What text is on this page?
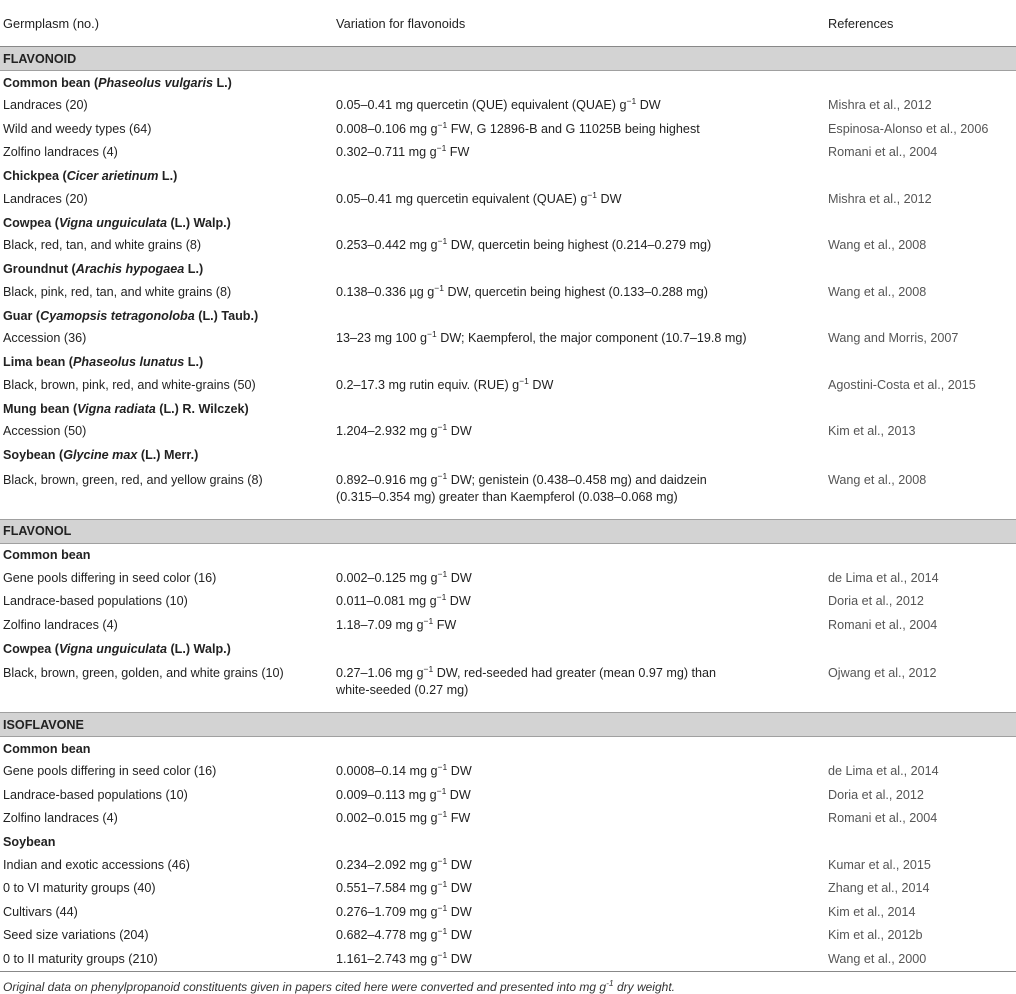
Germplasm (no.)	Variation for flavonoids	References
FLAVONOID		
Common bean (Phaseolus vulgaris L.)		
Landraces (20)	0.05–0.41 mg quercetin (QUE) equivalent (QUAE) $g^{-1}$ DW	Mishra et al., 2012
Wild and weedy types (64)	0.008–0.106 mg $g^{-1}$ FW, G 12896-B and G 11025B being highest	Espinosa-Alonso et al., 2006
Zolfino landraces (4)	0.302–0.711 mg $g^{-1}$ FW	Romani et al., 2004
Chickpea (Cicer arietinum L.)		
Landraces (20)	0.05–0.41 mg quercetin equivalent (QUAE) $g^{-1}$ DW	Mishra et al., 2012
Cowpea (Vigna unguiculata (L.) Walp.)		
Black, red, tan, and white grains (8)	0.253–0.442 mg $g^{-1}$ DW, quercetin being highest (0.214–0.279 mg)	Wang et al., 2008
Groundnut (Arachis hypogaea L.)		
Black, pink, red, tan, and white grains (8)	0.138–0.336 µg $g^{-1}$ DW, quercetin being highest (0.133–0.288 mg)	Wang et al., 2008
Guar (Cyamopsis tetragonoloba (L.) Taub.)		
Accession (36)	13–23 mg 100 $g^{-1}$ DW; Kaempferol, the major component (10.7–19.8 mg)	Wang and Morris, 2007
Lima bean (Phaseolus lunatus L.)		
Black, brown, pink, red, and white-grains (50)	0.2–17.3 mg rutin equiv. (RUE) $g^{-1}$ DW	Agostini-Costa et al., 2015
Mung bean (Vigna radiata (L.) R. Wilczek)		
Accession (50)	1.204–2.932 mg $g^{-1}$ DW	Kim et al., 2013
Soybean (Glycine max (L.) Merr.)		
Black, brown, green, red, and yellow grains (8)	0.892–0.916 mg $g^{-1}$ DW; genistein (0.438–0.458 mg) and daidzein
(0.315–0.354 mg) greater than Kaempferol (0.038–0.068 mg)	Wang et al., 2008
FLAVONOL		
Common bean		
Gene pools differing in seed color (16)	0.002–0.125 mg $g^{-1}$ DW	de Lima et al., 2014
Landrace-based populations (10)	0.011–0.081 mg $g^{-1}$ DW	Doria et al., 2012
Zolfino landraces (4)	1.18–7.09 mg $g^{-1}$ FW	Romani et al., 2004
Cowpea (Vigna unguiculata (L.) Walp.)		
Black, brown, green, golden, and white grains (10)	0.27–1.06 mg $g^{-1}$ DW, red-seeded had greater (mean 0.97 mg) than
white-seeded (0.27 mg)	Ojwang et al., 2012
ISOFLAVONE		
Common bean		
Gene pools differing in seed color (16)	0.0008–0.14 mg $g^{-1}$ DW	de Lima et al., 2014
Landrace-based populations (10)	0.009–0.113 mg $g^{-1}$ DW	Doria et al., 2012
Zolfino landraces (4)	0.002–0.015 mg $g^{-1}$ FW	Romani et al., 2004
Soybean		
Indian and exotic accessions (46)	0.234–2.092 mg $g^{-1}$ DW	Kumar et al., 2015
0 to VI maturity groups (40)	0.551–7.584 mg $g^{-1}$ DW	Zhang et al., 2014
Cultivars (44)	0.276–1.709 mg $g^{-1}$ DW	Kim et al., 2014
Seed size variations (204)	0.682–4.778 mg $g^{-1}$ DW	Kim et al., 2012b
0 to II maturity groups (210)	1.161–2.743 mg $g^{-1}$ DW	Wang et al., 2000
Original data on phenylpropanoid constituents given in papers cited here were converted and presented into mg $g^{-1}$ dry weight.
